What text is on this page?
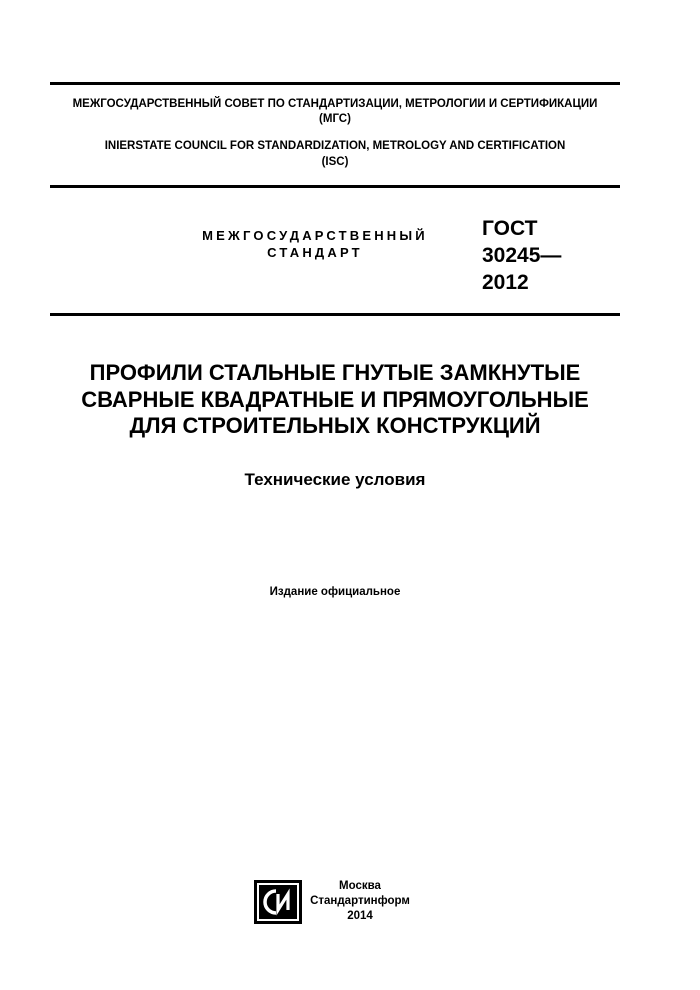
МЕЖГОСУДАРСТВЕННЫЙ СОВЕТ ПО СТАНДАРТИЗАЦИИ, МЕТРОЛОГИИ И СЕРТИФИКАЦИИ
(МГС)
INIERSTATE COUNCIL FOR STANDARDIZATION, METROLOGY AND CERTIFICATION
(ISC)
МЕЖГОСУДАРСТВЕННЫЙ
СТАНДАРТ
ГОСТ
30245—
2012
ПРОФИЛИ СТАЛЬНЫЕ ГНУТЫЕ ЗАМКНУТЫЕ
СВАРНЫЕ КВАДРАТНЫЕ И ПРЯМОУГОЛЬНЫЕ
ДЛЯ СТРОИТЕЛЬНЫХ КОНСТРУКЦИЙ
Технические условия
Издание официальное
Москва
Стандартинформ
2014
